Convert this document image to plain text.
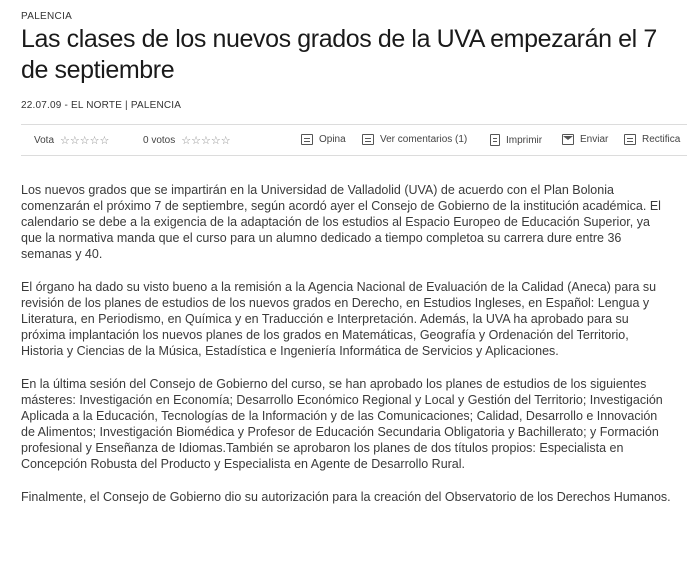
PALENCIA
Las clases de los nuevos grados de la UVA empezarán el 7 de septiembre
22.07.09 - EL NORTE | PALENCIA
Vota ☆☆☆☆☆	0 votos ☆☆☆☆☆	Opina	Ver comentarios (1)	Imprimir	Enviar	Rectifica

Los nuevos grados que se impartirán en la Universidad de Valladolid (UVA) de acuerdo con el Plan Bolonia comenzarán el próximo 7 de septiembre, según acordó ayer el Consejo de Gobierno de la institución académica. El calendario se debe a la exigencia de la adaptación de los estudios al Espacio Europeo de Educación Superior, ya que la normativa manda que el curso para un alumno dedicado a tiempo completoa su carrera dure entre 36 semanas y 40.

El órgano ha dado su visto bueno a la remisión a la Agencia Nacional de Evaluación de la Calidad (Aneca) para su revisión de los planes de estudios de los nuevos grados en Derecho, en Estudios Ingleses, en Español: Lengua y Literatura, en Periodismo, en Química y en Traducción e Interpretación. Además, la UVA ha aprobado para su próxima implantación los nuevos planes de los grados en Matemáticas, Geografía y Ordenación del Territorio, Historia y Ciencias de la Música, Estadística e Ingeniería Informática de Servicios y Aplicaciones.

En la última sesión del Consejo de Gobierno del curso, se han aprobado los planes de estudios de los siguientes másteres: Investigación en Economía; Desarrollo Económico Regional y Local y Gestión del Territorio; Investigación Aplicada a la Educación, Tecnologías de la Información y de las Comunicaciones; Calidad, Desarrollo e Innovación de Alimentos; Investigación Biomédica y Profesor de Educación Secundaria Obligatoria y Bachillerato; y Formación profesional y Enseñanza de Idiomas.También se aprobaron los planes de dos títulos propios: Especialista en Concepción Robusta del Producto y Especialista en Agente de Desarrollo Rural.

Finalmente, el Consejo de Gobierno dio su autorización para la creación del Observatorio de los Derechos Humanos.
